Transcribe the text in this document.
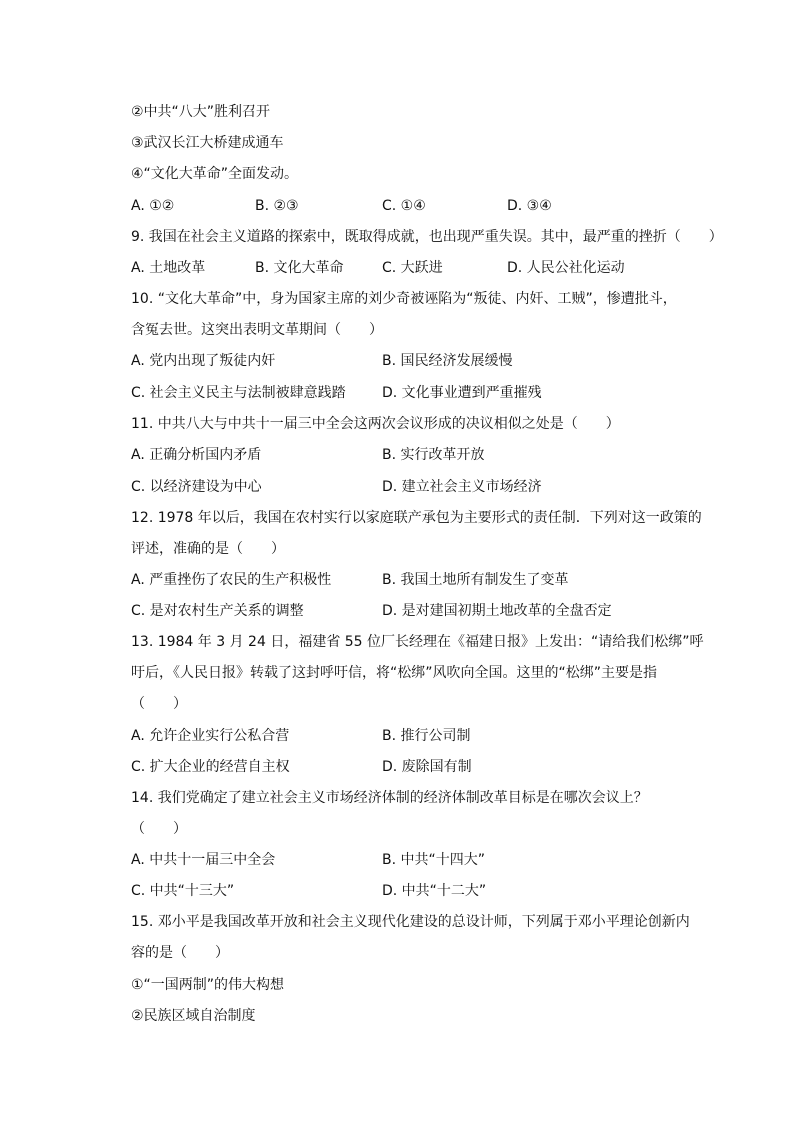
②中共“八大”胜利召开
③武汉长江大桥建成通车
④“文化大革命”全面发动。
A. ①②	B. ②③	C. ①④	D. ③④
9. 我国在社会主义道路的探索中，既取得成就，也出现严重失误。其中，最严重的挫折（　　）
A. 土地改革	B. 文化大革命	C. 大跃进	D. 人民公社化运动
10. “文化大革命”中，身为国家主席的刘少奇被诬陷为“叛徒、内奸、工贼”，惨遭批斗，
含冤去世。这突出表明文革期间（　　）
A. 党内出现了叛徒内奸	B. 国民经济发展缓慢
C. 社会主义民主与法制被肆意践踏	D. 文化事业遭到严重摧残
11. 中共八大与中共十一届三中全会这两次会议形成的决议相似之处是（　　）
A. 正确分析国内矛盾	B. 实行改革开放
C. 以经济建设为中心	D. 建立社会主义市场经济
12. 1978 年以后，我国在农村实行以家庭联产承包为主要形式的责任制．下列对这一政策的
评述，准确的是（　　）
A. 严重挫伤了农民的生产积极性	B. 我国土地所有制发生了变革
C. 是对农村生产关系的调整	D. 是对建国初期土地改革的全盘否定
13. 1984 年 3 月 24 日，福建省 55 位厂长经理在《福建日报》上发出：“请给我们松绑”呼
吁后，《人民日报》转载了这封呼吁信，将“松绑”风吹向全国。这里的“松绑”主要是指
（　　）
A. 允许企业实行公私合营	B. 推行公司制
C. 扩大企业的经营自主权	D. 废除国有制
14. 我们党确定了建立社会主义市场经济体制的经济体制改革目标是在哪次会议上？
（　　）
A. 中共十一届三中全会	B. 中共“十四大”
C. 中共“十三大”	D. 中共“十二大”
15. 邓小平是我国改革开放和社会主义现代化建设的总设计师，下列属于邓小平理论创新内
容的是（　　）
①“一国两制”的伟大构想
②民族区域自治制度
